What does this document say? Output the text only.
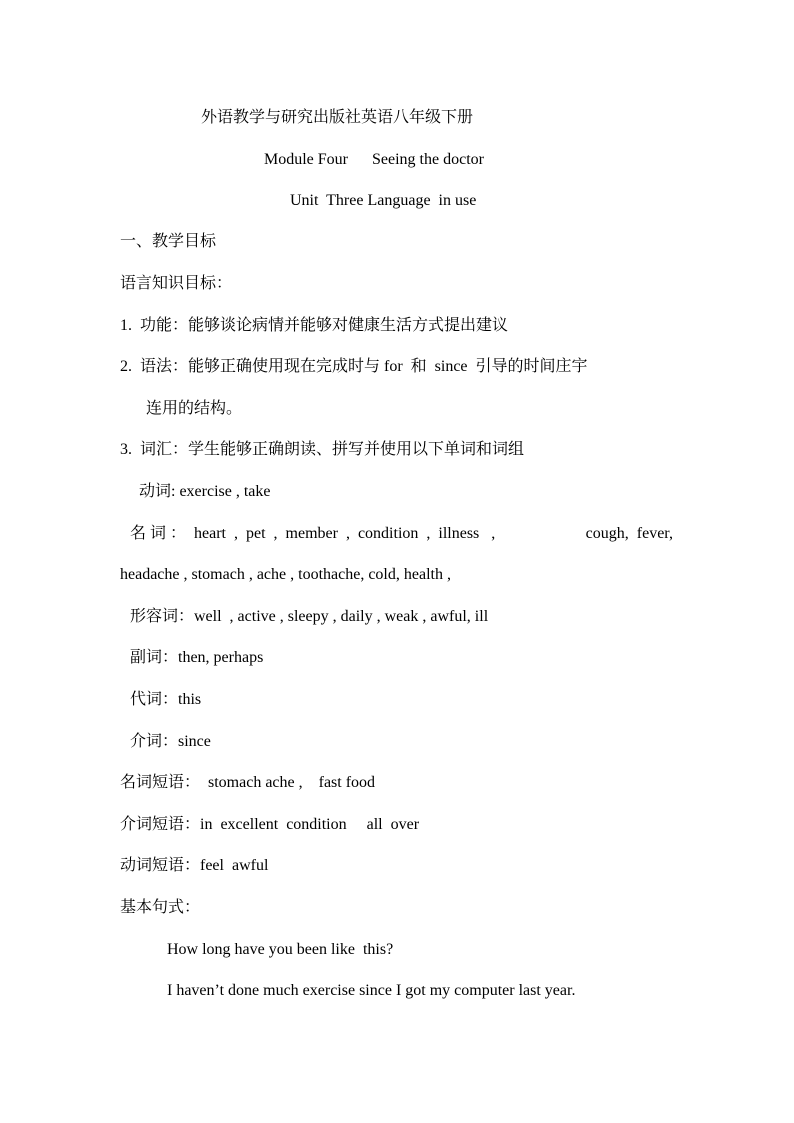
外语教学与研究出版社英语八年级下册

Module Four      Seeing the doctor

Unit  Three Language  in use

一、教学目标

语言知识目标：

1.  功能：能够谈论病情并能够对健康生活方式提出建议

2.  语法：能够正确使用现在完成时与 for  和  since  引导的时间庄宇

连用的结构。

3.  词汇：学生能够正确朗读、拼写并使用以下单词和词组

动词: exercise , take

名 词 ：  heart  ,  pet  ,  member  ,  condition  ,  illness   ,	cough,  fever,

headache , stomach , ache , toothache, cold, health ,

形容词：well  , active , sleepy , daily , weak , awful, ill

副词：then, perhaps

代词：this

介词：since

名词短语：  stomach ache ,    fast food

介词短语：in  excellent  condition     all  over

动词短语：feel  awful

基本句式：

How long have you been like  this?

I haven’t done much exercise since I got my computer last year.
